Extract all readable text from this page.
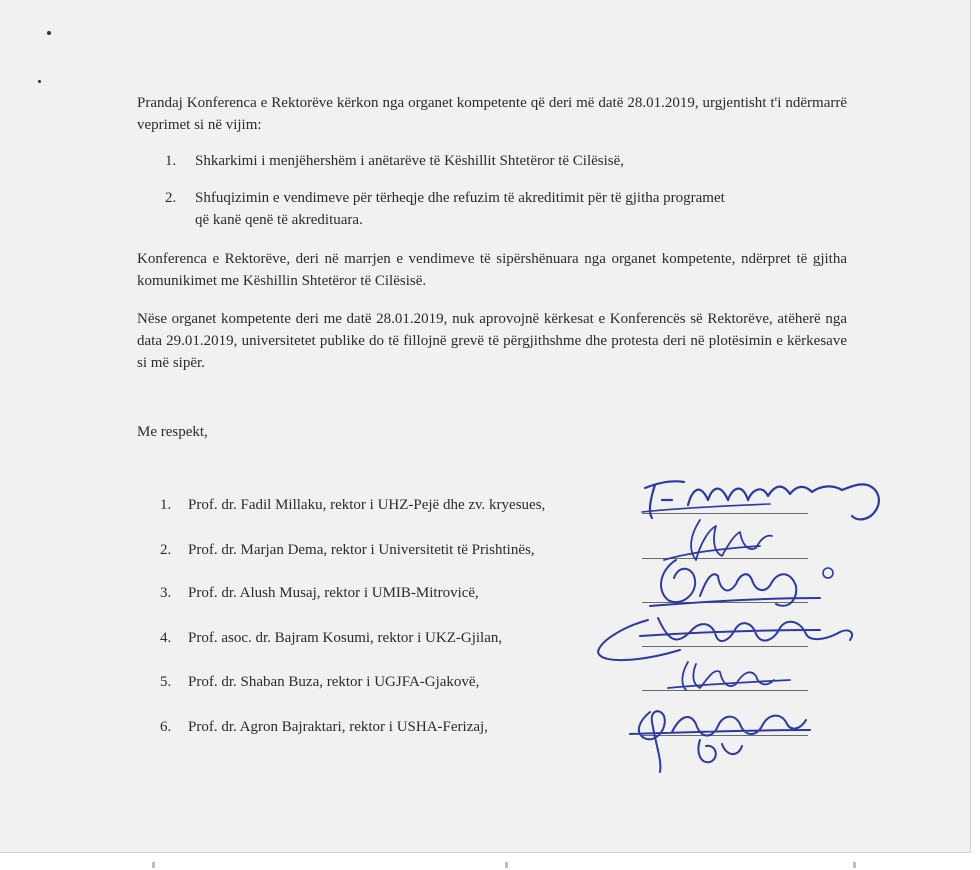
Prandaj Konferenca e Rektorëve kërkon nga organet kompetente që deri më datë 28.01.2019, urgjentisht t'i ndërmarrë veprimet si në vijim:

1. Shkarkimi i menjëhershëm i anëtarëve të Këshillit Shtetëror të Cilësisë,
2. Shfuqizimin e vendimeve për tërheqje dhe refuzim të akreditimit për të gjitha programet
që kanë qenë të akredituara.

Konferenca e Rektorëve, deri në marrjen e vendimeve të sipërshënuara nga organet kompetente, ndërpret të gjitha komunikimet me Këshillin Shtetëror të Cilësisë.

Nëse organet kompetente deri me datë 28.01.2019, nuk aprovojnë kërkesat e Konferencës së Rektorëve, atëherë nga data 29.01.2019, universitetet publike do të fillojnë grevë të përgjithshme dhe protesta deri në plotësimin e kërkesave si më sipër.

Me respekt,
1. Prof. dr. Fadil Millaku, rektor i UHZ-Pejë dhe zv. kryesues,
2. Prof. dr. Marjan Dema, rektor i Universitetit të Prishtinës,
3. Prof. dr. Alush Musaj, rektor i UMIB-Mitrovicë,
4. Prof. asoc. dr. Bajram Kosumi, rektor i UKZ-Gjilan,
5. Prof. dr. Shaban Buza, rektor i UGJFA-Gjakovë,
6. Prof. dr. Agron Bajraktari, rektor i USHA-Ferizaj,
